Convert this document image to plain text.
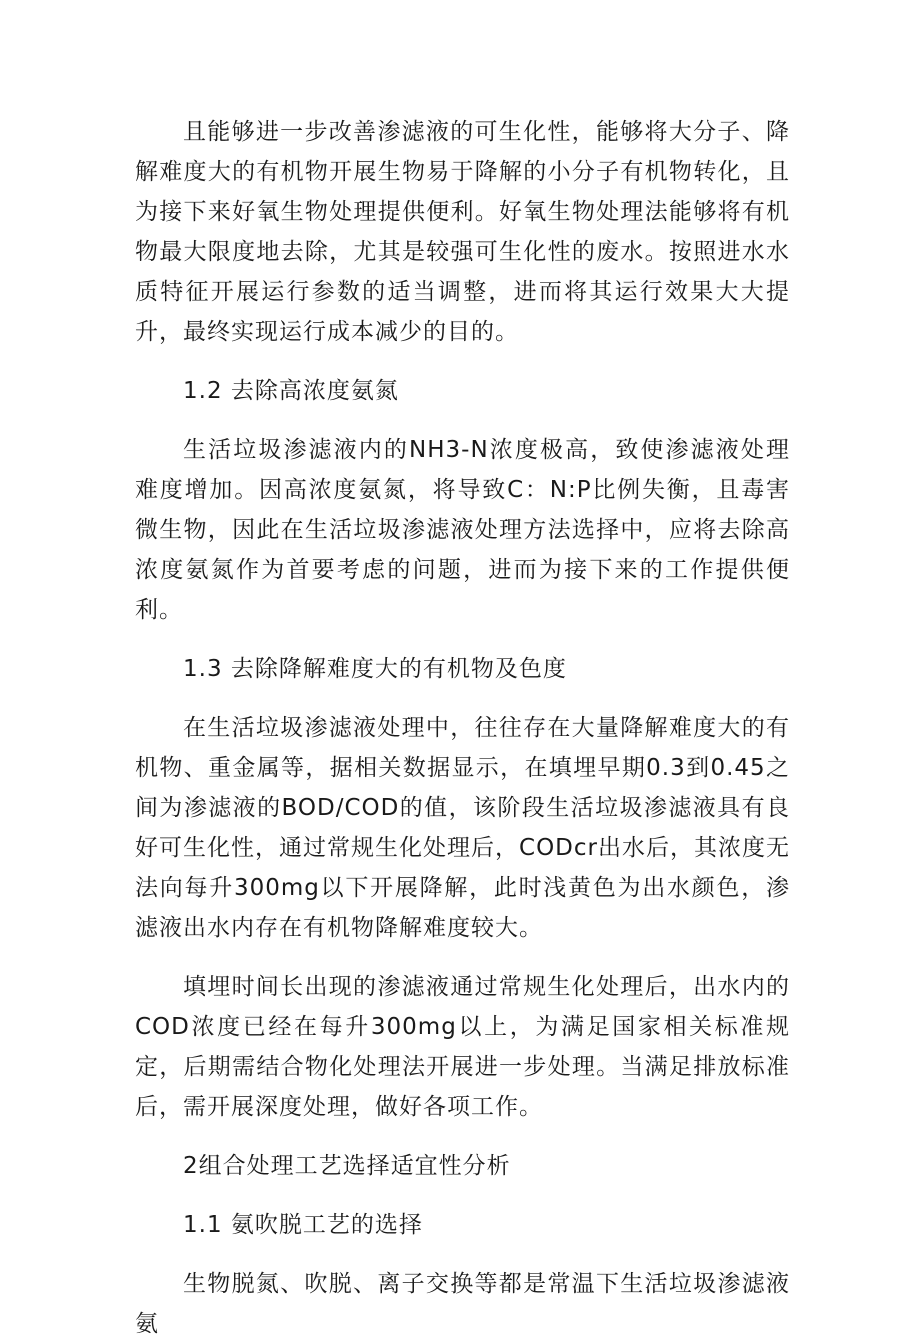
且能够进一步改善渗滤液的可生化性，能够将大分子、降解难度大的有机物开展生物易于降解的小分子有机物转化，且为接下来好氧生物处理提供便利。好氧生物处理法能够将有机物最大限度地去除，尤其是较强可生化性的废水。按照进水水质特征开展运行参数的适当调整，进而将其运行效果大大提升，最终实现运行成本减少的目的。

1.2 去除高浓度氨氮

生活垃圾渗滤液内的NH3-N浓度极高，致使渗滤液处理难度增加。因高浓度氨氮，将导致C：N:P比例失衡，且毒害微生物，因此在生活垃圾渗滤液处理方法选择中，应将去除高浓度氨氮作为首要考虑的问题，进而为接下来的工作提供便利。

1.3 去除降解难度大的有机物及色度

在生活垃圾渗滤液处理中，往往存在大量降解难度大的有机物、重金属等，据相关数据显示，在填埋早期0.3到0.45之间为渗滤液的BOD/COD的值，该阶段生活垃圾渗滤液具有良好可生化性，通过常规生化处理后，CODcr出水后，其浓度无法向每升300mg以下开展降解，此时浅黄色为出水颜色，渗滤液出水内存在有机物降解难度较大。

填埋时间长出现的渗滤液通过常规生化处理后，出水内的COD浓度已经在每升300mg以上，为满足国家相关标准规定，后期需结合物化处理法开展进一步处理。当满足排放标准后，需开展深度处理，做好各项工作。

2组合处理工艺选择适宜性分析

1.1 氨吹脱工艺的选择

生物脱氮、吹脱、离子交换等都是常温下生活垃圾渗滤液氨
